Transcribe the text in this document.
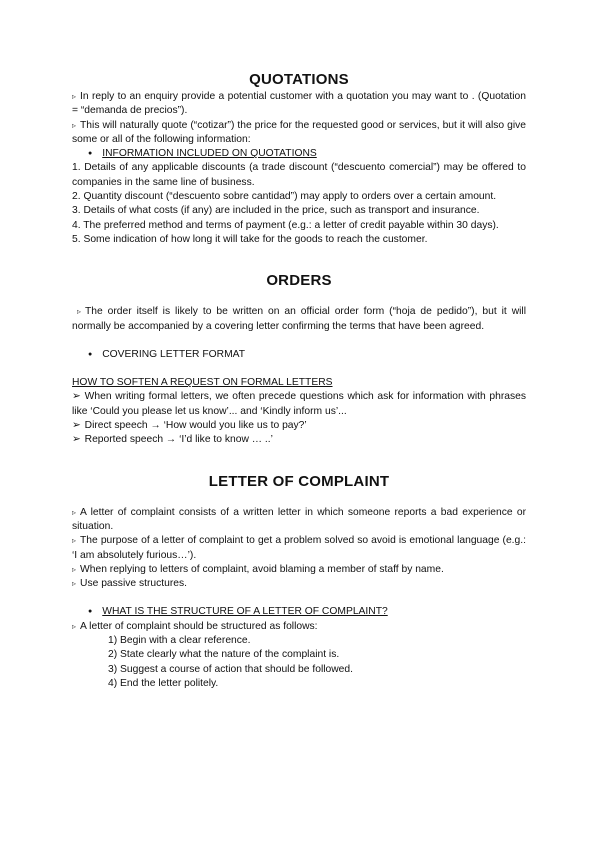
QUOTATIONS

▹ In reply to an enquiry provide a potential customer with a quotation you may want to . (Quotation = “demanda de precios”).

▹ This will naturally quote (“cotizar”) the price for the requested good or services, but it will also give some or all of the following information:

● INFORMATION INCLUDED ON QUOTATIONS

1. Details of any applicable discounts (a trade discount (“descuento comercial”) may be offered to companies in the same line of business.

2. Quantity discount (“descuento sobre cantidad”) may apply to orders over a certain amount.

3. Details of what costs (if any) are included in the price, such as transport and insurance.

4. The preferred method and terms of payment (e.g.: a letter of credit payable within 30 days).

5. Some indication of how long it will take for the goods to reach the customer.

ORDERS

▹ The order itself is likely to be written on an official order form (“hoja de pedido”), but it will normally be accompanied by a covering letter confirming the terms that have been agreed.

● COVERING LETTER FORMAT

HOW TO SOFTEN A REQUEST ON FORMAL LETTERS

➢ When writing formal letters, we often precede questions which ask for information with phrases like ‘Could you please let us know’... and ‘Kindly inform us’...

➢ Direct speech → ‘How would you like us to pay?’

➢ Reported speech → ‘I’d like to know … ..’

LETTER OF COMPLAINT

▹ A letter of complaint consists of a written letter in which someone reports a bad experience or situation.

▹ The purpose of a letter of complaint to get a problem solved so avoid is emotional language (e.g.: ‘I am absolutely furious…’).

▹ When replying to letters of complaint, avoid blaming a member of staff by name.

▹ Use passive structures.

● WHAT IS THE STRUCTURE OF A LETTER OF COMPLAINT?

▹ A letter of complaint should be structured as follows:

1) Begin with a clear reference.

2) State clearly what the nature of the complaint is.

3) Suggest a course of action that should be followed.

4) End the letter politely.
